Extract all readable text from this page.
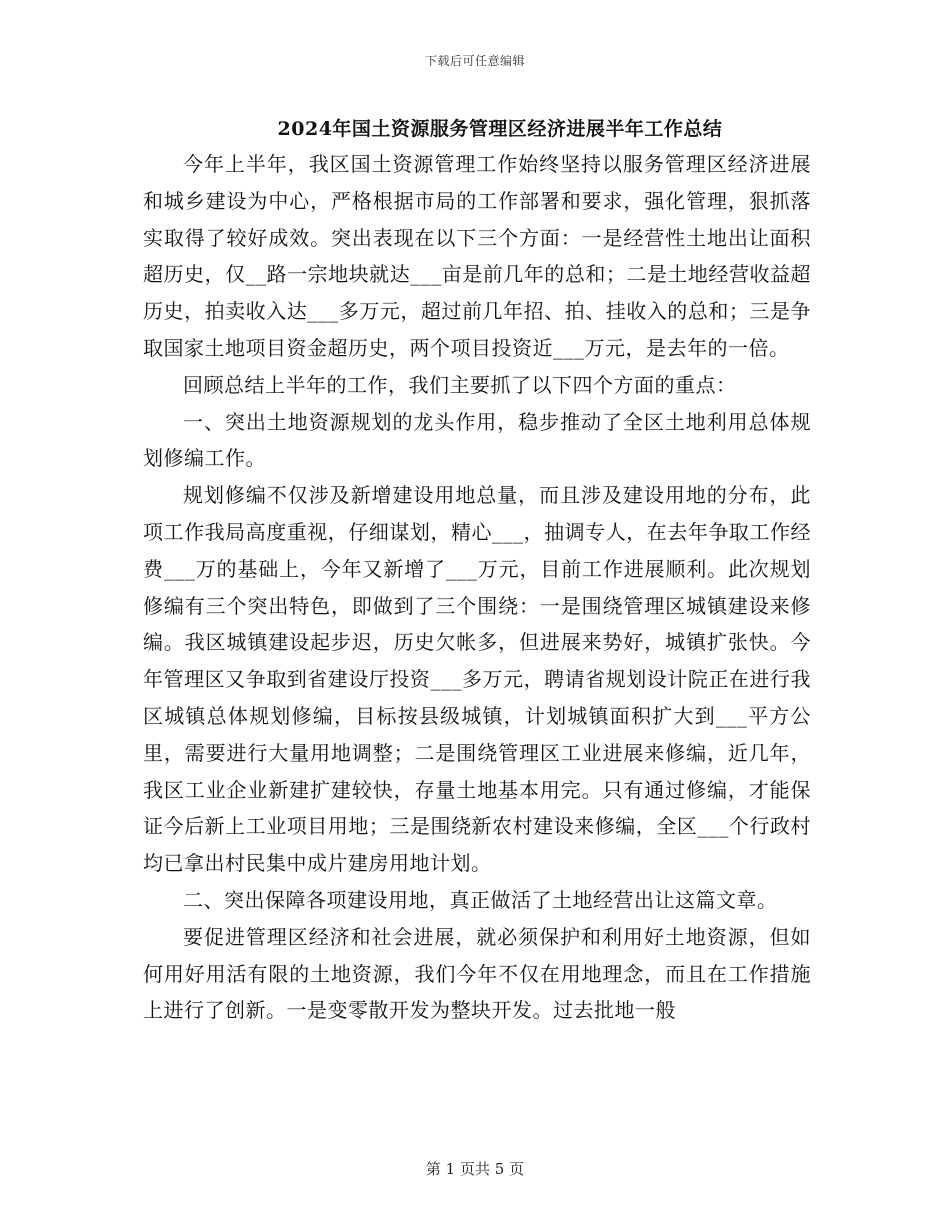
下载后可任意编辑
2024年国土资源服务管理区经济进展半年工作总结

今年上半年，我区国土资源管理工作始终坚持以服务管理区经济进展和城乡建设为中心，严格根据市局的工作部署和要求，强化管理，狠抓落实取得了较好成效。突出表现在以下三个方面：一是经营性土地出让面积超历史，仅__路一宗地块就达___亩是前几年的总和；二是土地经营收益超历史，拍卖收入达___多万元，超过前几年招、拍、挂收入的总和；三是争取国家土地项目资金超历史，两个项目投资近___万元，是去年的一倍。

回顾总结上半年的工作，我们主要抓了以下四个方面的重点：

一、突出土地资源规划的龙头作用，稳步推动了全区土地利用总体规划修编工作。

规划修编不仅涉及新增建设用地总量，而且涉及建设用地的分布，此项工作我局高度重视，仔细谋划，精心___，抽调专人，在去年争取工作经费___万的基础上，今年又新增了___万元，目前工作进展顺利。此次规划修编有三个突出特色，即做到了三个围绕：一是围绕管理区城镇建设来修编。我区城镇建设起步迟，历史欠帐多，但进展来势好，城镇扩张快。今年管理区又争取到省建设厅投资___多万元，聘请省规划设计院正在进行我区城镇总体规划修编，目标按县级城镇，计划城镇面积扩大到___平方公里，需要进行大量用地调整；二是围绕管理区工业进展来修编，近几年，我区工业企业新建扩建较快，存量土地基本用完。只有通过修编，才能保证今后新上工业项目用地；三是围绕新农村建设来修编，全区___个行政村均已拿出村民集中成片建房用地计划。

二、突出保障各项建设用地，真正做活了土地经营出让这篇文章。

要促进管理区经济和社会进展，就必须保护和利用好土地资源，但如何用好用活有限的土地资源，我们今年不仅在用地理念，而且在工作措施上进行了创新。一是变零散开发为整块开发。过去批地一般

第 1 页共 5 页
